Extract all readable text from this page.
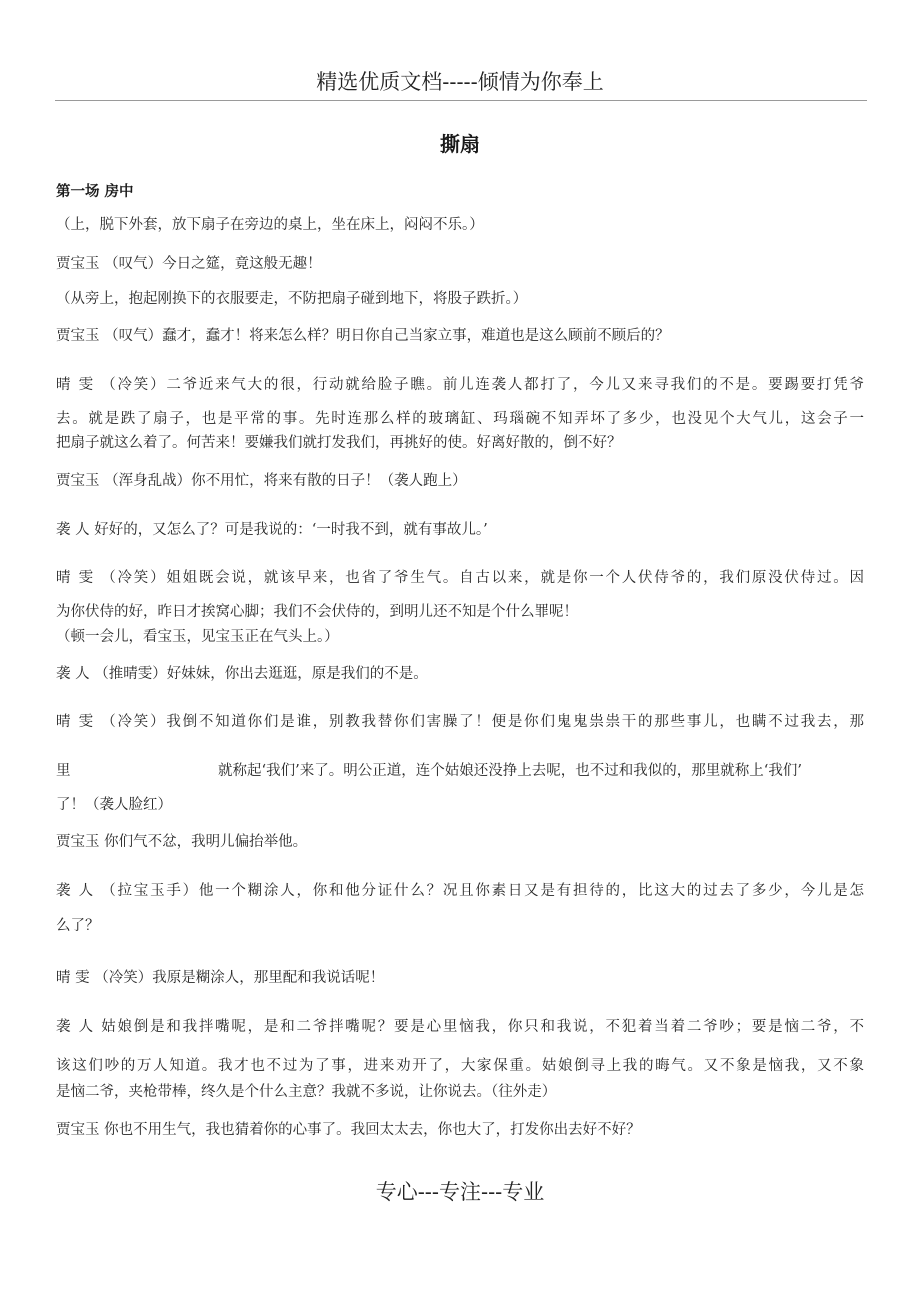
精选优质文档-----倾情为你奉上
撕扇
第一场 房中
（上，脱下外套，放下扇子在旁边的桌上，坐在床上，闷闷不乐。）
贾宝玉 （叹气）今日之筵，竟这般无趣！
（从旁上，抱起刚换下的衣服要走，不防把扇子碰到地下，将股子跌折。）
贾宝玉 （叹气）蠢才，蠢才！将来怎么样？明日你自己当家立事，难道也是这么顾前不顾后的？
晴 雯 （冷笑）二爷近来气大的很，行动就给脸子瞧。前儿连袭人都打了，今儿又来寻我们的不是。要踢要打凭爷
去。就是跌了扇子，也是平常的事。先时连那么样的玻璃缸、玛瑙碗不知弄坏了多少，也没见个大气儿，这会子一
把扇子就这么着了。何苦来！要嫌我们就打发我们，再挑好的使。好离好散的，倒不好？
贾宝玉 （浑身乱战）你不用忙，将来有散的日子！（袭人跑上）
袭 人 好好的，又怎么了？可是我说的：‘一时我不到，就有事故儿。’
晴 雯 （冷笑）姐姐既会说，就该早来，也省了爷生气。自古以来，就是你一个人伏侍爷的，我们原没伏侍过。因
为你伏侍的好，昨日才挨窝心脚；我们不会伏侍的，到明儿还不知是个什么罪呢！
（顿一会儿，看宝玉，见宝玉正在气头上。）
袭 人 （推晴雯）好妹妹，你出去逛逛，原是我们的不是。
晴 雯 （冷笑）我倒不知道你们是谁，别教我替你们害臊了！便是你们鬼鬼祟祟干的那些事儿，也瞒不过我去，那
里	就称起‘我们’来了。明公正道，连个姑娘还没挣上去呢，也不过和我似的，那里就称上‘我们’
了！（袭人脸红）
贾宝玉 你们气不忿，我明儿偏抬举他。
袭 人 （拉宝玉手）他一个糊涂人，你和他分证什么？况且你素日又是有担待的，比这大的过去了多少，今儿是怎
么了？
晴 雯 （冷笑）我原是糊涂人，那里配和我说话呢！
袭 人 姑娘倒是和我拌嘴呢，是和二爷拌嘴呢？要是心里恼我，你只和我说，不犯着当着二爷吵；要是恼二爷，不
该这们吵的万人知道。我才也不过为了事，进来劝开了，大家保重。姑娘倒寻上我的晦气。又不象是恼我，又不象
是恼二爷，夹枪带棒，终久是个什么主意？我就不多说，让你说去。（往外走）
贾宝玉 你也不用生气，我也猜着你的心事了。我回太太去，你也大了，打发你出去好不好？
专心---专注---专业
